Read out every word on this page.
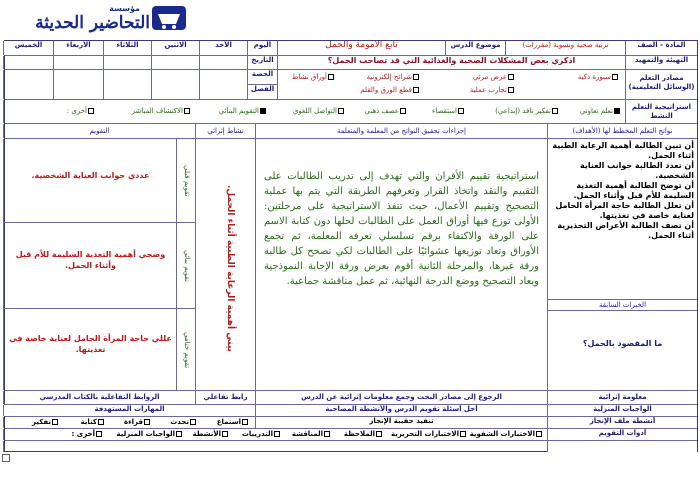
مؤسسة
التحاضير الحديثة
المادة - الصف
تربية صحية ونسوية (مقررات)
موضوع الدرس
تابع الأمومة والحمل
اليوم
الأحد
الاثنين
الثلاثاء
الأربعاء
الخميس
التهيئة والتمهيد
اذكري بعض المشكلات الصحية والغذائية التي قد تصاحب الحمل؟
التاريخ
مصادر التعلم (الوسائل التعليمية)
سبورة ذكية
عرض مرئي
شرائح إلكترونية
أوراق نشاط
تجارب عملية
قطع الورق والقلم
الحصة
الفصل
استراتيجية التعلم النشط
تعلم تعاوني
تفكير ناقد (إبداعي)
استقصاء
عصف ذهني
التواصل اللغوي
التقويم البنائي
الاكتشاف المباشر
أخرى :
نواتج التعلم المخطط لها (الأهداف)
إجراءات تحقيق النواتج من المعلمة والمتعلمة
نشاط إثرائي
التقويم
أن تبين الطالبة أهمية الرعاية الطبية أثناء الحمل.
أن تعدد الطالبة جوانب العناية الشخصية.
أن توضح الطالبة أهمية التغذية السليمة للأم قبل وأثناء الحمل.
أن تعلل الطالبة حاجة المرأة الحامل لعناية خاصة في تغذيتها.
أن تصف الطالبة الأعراض التحذيرية أثناء الحمل.
الخبرات السابقة
ما المقصود بالحمل؟
استراتيجية تقييم الأقران والتي تهدف إلى تدريب الطالبات على التقييم والنقد واتخاذ القرار وتعرفهم الطريقة التي يتم بها عملية التصحيح وتقييم الأعمال، حيث تنفذ الاستراتيجية على مرحلتين: الأولى توزع فيها أوراق العمل على الطالبات لحلها دون كتابة الاسم على الورقة والاكتفاء برقم تسلسلي تعرفه المعلمة، ثم تجمع الأوراق وتعاد توزيعها عشوائيًا على الطالبات لكي تصحح كل طالبة ورقة غيرها، والمرحلة الثانية أقوم بعرض ورقة الإجابة النموذجية ويعاد التصحيح ووضع الدرجة النهائية، ثم عمل مناقشة جماعية.
بيني أهمية الرعاية الطبية أثناء الحمل.
تقويم قبلي
عددي جوانب العناية الشخصية.
تقويم بنائي
وضحي أهمية التغذية السليمة للأم قبل وأثناء الحمل.
تقويم ختامي
عللي حاجة المرأة الحامل لعناية خاصة في تغذيتها.
معلومة إثرائية
الرجوع إلى مصادر البحث وجمع معلومات إثرائية عن الدرس
رابط تفاعلي
الروابط التفاعلية بالكتاب المدرسي
الواجبات المنزلية
أحل أسئلة تقويم الدرس والأنشطة المصاحبة
المهارات المستهدفة
أنشطة ملف الإنجاز
تنفيذ حقيبة الإنجاز
استماع
تحدث
قراءة
كتابة
تفكير
أدوات التقويم
الاختبارات الشفوية
الاختبارات التحريرية
الملاحظة
المناقشة
التدريبات
الأنشطة
الواجبات المنزلية
أخرى :
